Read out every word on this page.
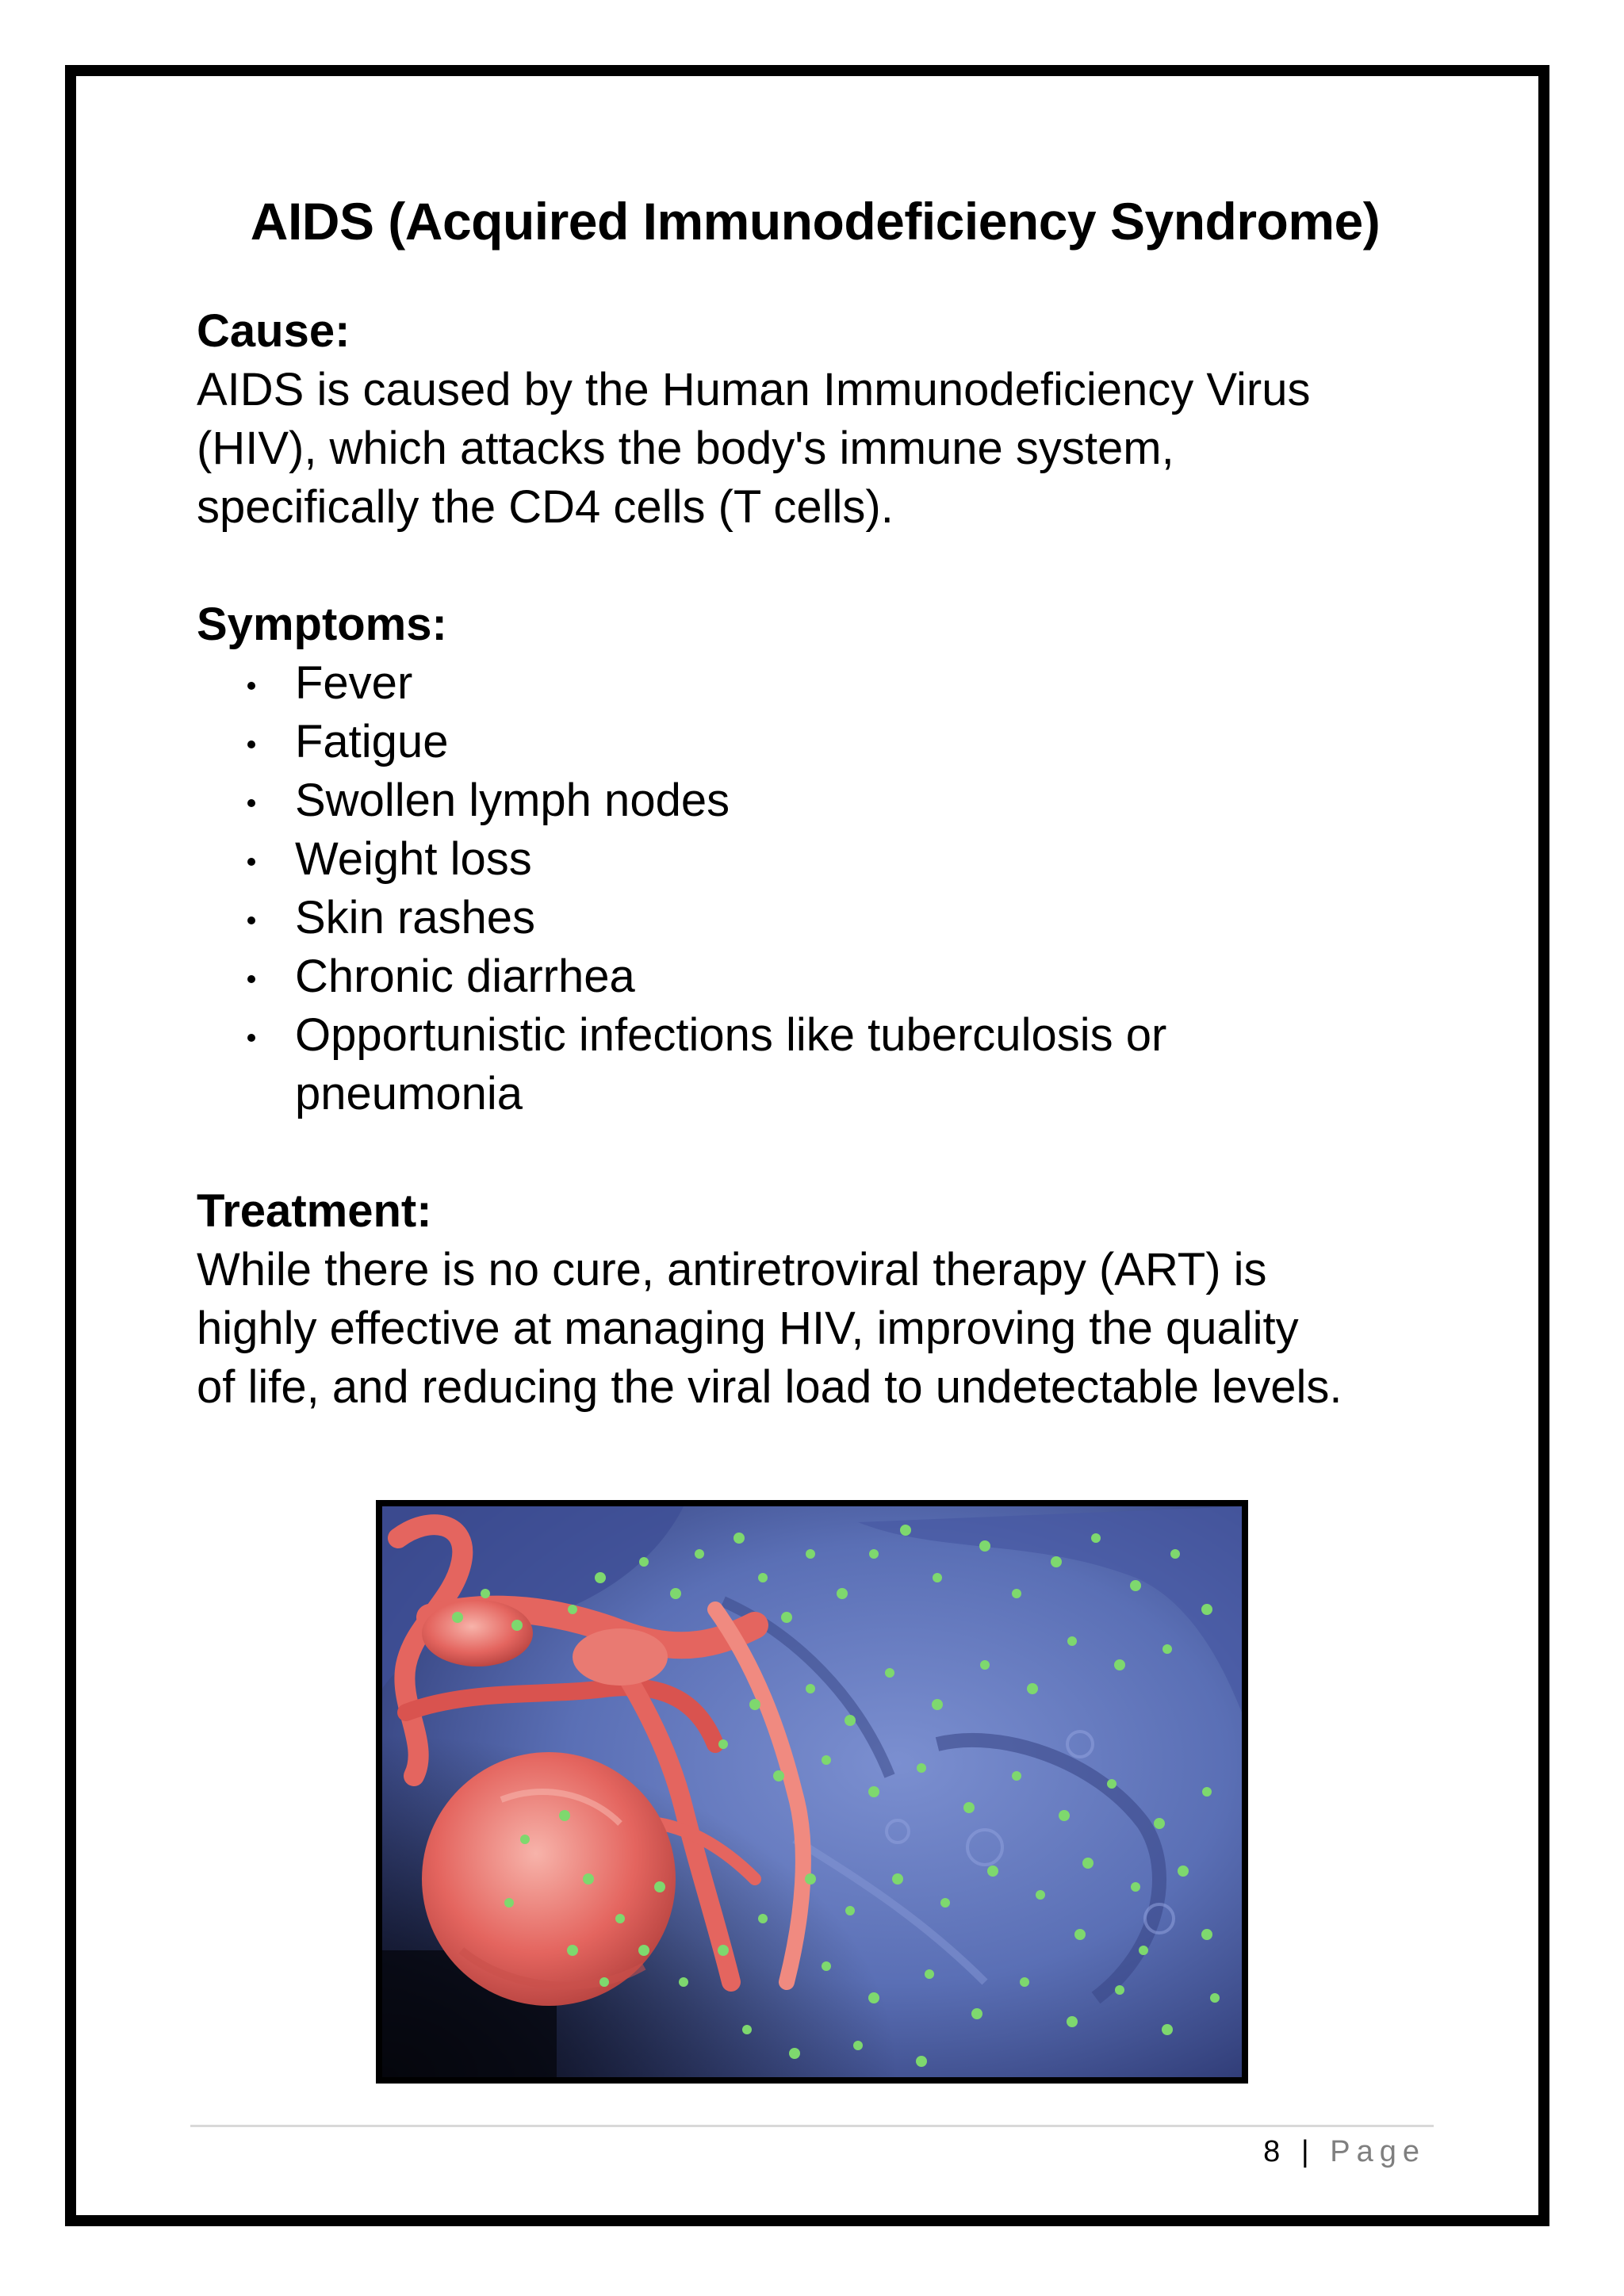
AIDS (Acquired Immunodeficiency Syndrome)

Cause:

AIDS is caused by the Human Immunodeficiency Virus

(HIV), which attacks the body's immune system,

specifically the CD4 cells (T cells).

Symptoms:

Fever
Fatigue
Swollen lymph nodes
Weight loss
Skin rashes
Chronic diarrhea
Opportunistic infections like tuberculosis or pneumonia

Treatment:

While there is no cure, antiretroviral therapy (ART) is

highly effective at managing HIV, improving the quality

of life, and reducing the viral load to undetectable levels.

8 | Page
